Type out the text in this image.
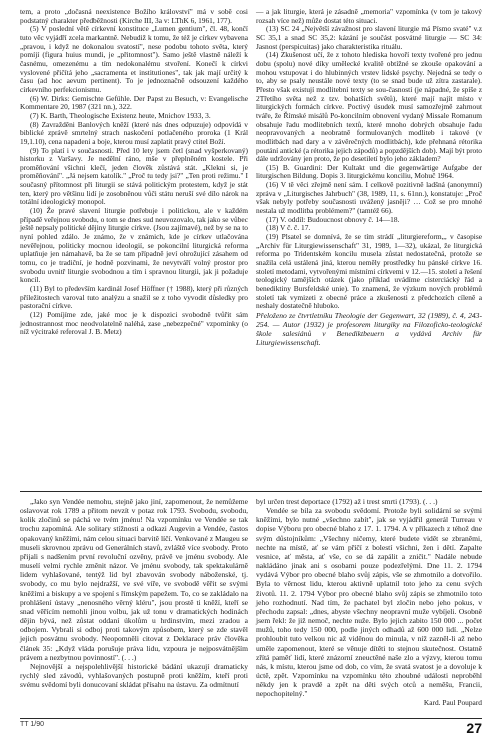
tem, a proto „dočasná neexistence Božího království" má v sobě cosi podstatný charakter předběžnosti (Kirche III, 3a v: LThK 6, 1961, 177).

(5) V poslední větě církevní konstituce „Lumen gentium", čl. 48, končí tuto věc vyjádří zcela markantně. Nebudiž k tomu, že též je církev vybavena „pravou, i když ne dokonalou svatostí", nese podobu tohoto světa, který pomíjí (figura huius mundi, je „přitomnost"). Samo ještě vlastně náleží k časnému, omezenému a tím nedokonalému stvoření. Konečí k církvi vyslovené přičítá jeho „sacramenta et institutiones", tak jak mají určitý k času (ad hoc aevum pertinent). To je jednoznačně odsouzení každého církevního perfekcionismu.

(6) W. Dirks: Gemischte Gefühle. Der Papst zu Besuch, v: Evangelische Kommentare 20, 1987 (321 nn.), 322.

(7) K. Barth, Theologische Existenz heute, Mnichov 1933, 3.

(8) Zavražděni Banlových kněží (které nás dnes odpuzuje) odpovídá v biblické zprávě smrtelný strach naskočení potlačeného proroka (1 Král 19,1.10), cena napadeni a boje, kterou musí zaplatit pravý ctitel Boží.

(9) To platí i v současnosti. Před 10 lety jsem četl (snad vyšperkovaný) historku z Varšavy. Je nedělní ráno, mše v přeplněném kostele. Při proměňování všichni klečí, jeden člověk zůstává stát. „Klekni si, je proměňování". „Já nejsem katolík." „Proč tu tedy jsi?" „Ten proti režimu." I současný přítomnost při liturgii se stává politickým protestem, když je stát ten, který pro většinu lidí je zosobněnou vůči státu neruší své dílo nárok na totální ideologický monopol.

(10) Že pravé slavení liturgie potřebuje i politickou, ale v každém případě veřejnou svobodu, o tom se dnes sud neuvozovalo, tak jako se vůbec ještě nepsaly politické dějiny liturgie církve. (Jsou zajímavé), než by se na to nyní pohled zdálo. Je známo, že v známich, kde je církev utlačována nevěřejnou, politicky mocnou ideologií, se pokoncilní liturgická reforma uplatňuje jen námahavě, ba že se tam případně jeví ohrožující zásahem od tomu, co je tradiční, je hodně pozvinami, že nevytváří volný prostor pro svobodu uvnitř liturgie svobodnou a tím i spravnou liturgii, jak ji požaduje koncil.

(11) Byl to především kardinál Josef Höffner († 1988), který při různých příležitostech varoval tuto analýzu a snažil se z toho vyvodit důsledky pro pastorační církve.

(12) Pomíjíme zde, jaké moc je k dispozici svobodně tvůřit sám jednostrannost moc neodvolatelně naléhá, zase „nebezpečné" vzpomínky (o níž výcitraké referoval J. B. Metz)

— a jak liturgie, která je zásadně „memoria" vzpomínka (v tom je takový rozsah více než) může dostat této situaci.

(13) SC 24 „Největší závažnost pro slavení liturgie má Písmo svaté" v.z SC 35,1 a snad SC 35,2: kázání je součást posvátné liturgie — SC 34: Jasnost (perspicuitas) jako charakteristika rituálu.

(14) Zkušenost učí, že z tohoto hlediska hovoří texty tvořené pro jednu dobu (spolu) nové díky umělecké kvalitě obtížné se zkouše opakování a mohou vstupovat i do hlubinných vrstev lidské psychy. Nejedná se tedy o to, aby se psaly neustále nové texty (to se snad bude už zítra zastarale). Přesto však existují modlitební texty se sou-časností (je nápadné, že spíše z 2Třetího světa než z tzv. bohatších světů), které mají najít místo v liturgických formách církve. Poctivý úsudek musí samozřejmě zahrnout tváře, že Římské misálů Po-koncilním obnovení vydaný Missale Romanum obsahuje řadu modlitebních textů, které mnoho dobrých obsahuje řadu neopravovaných a neobratně formulovaných modliteb i takové (v modlitbách nad dary a v závěrečných modlitbách), kde přehnaná rétorika poutání antické (a rétorika jejich zápodů) a popzdějších dob). Mají být proto dále udržovány jen proto, že po desetiletí bylo jeho základem?

(15) B. Guardini: Der Kultakt und die gegenwärtige Aufgabe der liturgischen Bildung. Dopis 3. liturgickému konciliu, Mohuč 1964.

(16) V tě věci zřejmě není sám. I celkově pozitivně ladšná (anonymní) zpráva v „Liturgisches Jahrbuch" (38, 1989, 11, s. 61nn.), konstatuje: „Proč však nebyly potřeby současnosti uvážený jasněji? … Což se pro mnohé nestala už modlitba problémem?" (tamtéž 66).

(17) V. oddíl: Budoucnost obnovy č. 14—18.

(18) V č. č. 17.

(19) Plsatel se domnívá, že se tím strádí „liturgiereform„, v časopise „Archiv für Liturgiewissenschaft" 31, 1989, 1—32), ukázal, že liturgická reforma po Tridentském koncilu musela zůstat nedostatečná, protože se snažila celá ustálená jiná, kterou neměly prostředky hu pánské církve 16. století metodami, vytvořenými místními církvemi v 12.—15. století a řešení teologický tamějších otázek (jako příklad uvádíme cisterciácký řád a benediktiny Bursfeldské unie). To znamená, že výzkum nových problémů století tak vymizeti z obecné práce a zkušenosti z předchozích cíleně a neshaly dostatečně hluboko.

Přeloženo ze čtvrtletníku Theologie der Gegenwart, 32 (1989), č. 4, 243-254. — Autor (1932) je profesorem liturgiky na Filozoficko-teologické škole salesiánů v Benediktbeuern a vydává Archiv für Liturgiewissenschaft.

„Jako syn Vendée nemohu, stejně jako jiní, zapomenout, že nemůžeme oslavovat rok 1789 a přitom nevzít v potaz rok 1793. Svobodu, svobodu, kolik zločinů se páchá ve tvém jménu! Na vzpomínku ve Vendée se tak trochu zapomíná. Ale solitary stížnosti a odkazi Augevin a Vendée, častos opakovaný kněžími, nám celou situaci barvitě líčí. Venkované z Maugeu se museli skrovnou zprávu od Generálních stavů, zvláště více svobody. Proto přijali s nadšením první revoluční ozvěny, právě ve jménu svobody. Ale muselí velmi rychle změnit názor. Ve jménu svobody, tak spektakulárně lidem vyhlašované, tentýž lid byl zbavován svobody náboženské, tj. svobody, co mu bylo nejdražší, ve své víře, ve svobodě věřit se svými kněžími a biskupy a ve spojení s římským papežem. To, co se zakládalo na prohlášení ústavy „nenosného věrný kléru", jsou prostě ti kněží, kteří se snad věřícím nemohli jinou volbu, jak už tonu v dramatických hodinách dějin bývá, než zůstat oddaní úkolům u hrdinstvím, mezi zradou a odbojem. Vybrali si odboj proti takovým způsobem, který se zde stavěl jejich posvátnu svobody. Neopomněli citovat z Deklarace práv člověka článek 35: „Když vláda porušuje práva lidu, vzpoura je nejposvátnějším právem a nezbytnou povinností". (. . .)

Nejnovější a nejspolehlivější historické bádání ukazují dramaticky rychlý sled závodů, vyhlašovaných postupně proti kněžím, kteří proti svému svědomí byli donucovaní skládat přísahu na ústavu. Za odmítnutí

byl určen trest deportace (1792) až i trest smrti (1793). (. . .)

Vendée se bila za svobodu svědomí. Protože byli solidární se svými kněžími, bylo nutné „všechno zabít", jak se vyjádřil generál Turreau v dopise Výboru pro obecné blaho z 17. 1. 1794. A v příkazech z téhož dne svým důstojníkům: „Všechny ničemy, které budete vidět se zbraněmi, nechte na místě, ať se vám příčí z bolestí všichni, žen i dětí. Zapalte vesnice, ať města, ať vše, co se dá zapálit a zničit." Nadále nebude nakládáno jinak ani s osobami pouze podezřelými. Dne 11. 2. 1794 vydává Výbor pro obecné blaho svůj zápis, vše se zhmotnilo a dotvořilo. Byla to věrnost lidu, kterou aktivně uplatnil toto jeho za cenu svých životů. 11. 2. 1794 Výbor pro obecné blaho svůj zápis se zhmotnilo toto jeho rozhodnutí. Nad tím, že pachatel byl zločin nebo jeho pokus, v přechodu zapsal: „dnes, abyste všechny neopravní muže vybíjeli. Osobně jsem řekl: že již nemoč, nechte nuže. Bylo jejich zabito 150 000 ... počet mužů, toho tedy 150 000, podle jiných odhadů až 600 000 lidí. „Nelze prohloubit tuto velkou nic až viděnou do minula, v níž zazněl-li až nebo uměle zapomenout, které se věnuje dítěti to stejnou skutečnost. Ostatně zřítá paměť lidí, které znázorní zneuctěné naše zlo a výzvy, kterou tomu nás, k místu, kterou jsme od dob, co vím, že svatá svatost je a dovoluje k úctě, zpět. Vzpomínku na vzpomínku této zhoubné události neproběhl někdy jen k pravdě a zpět na děti svých otců a neměšu, Francii, nepochopitelný."

Kard. Paul Poupard

TT 1/90	27
